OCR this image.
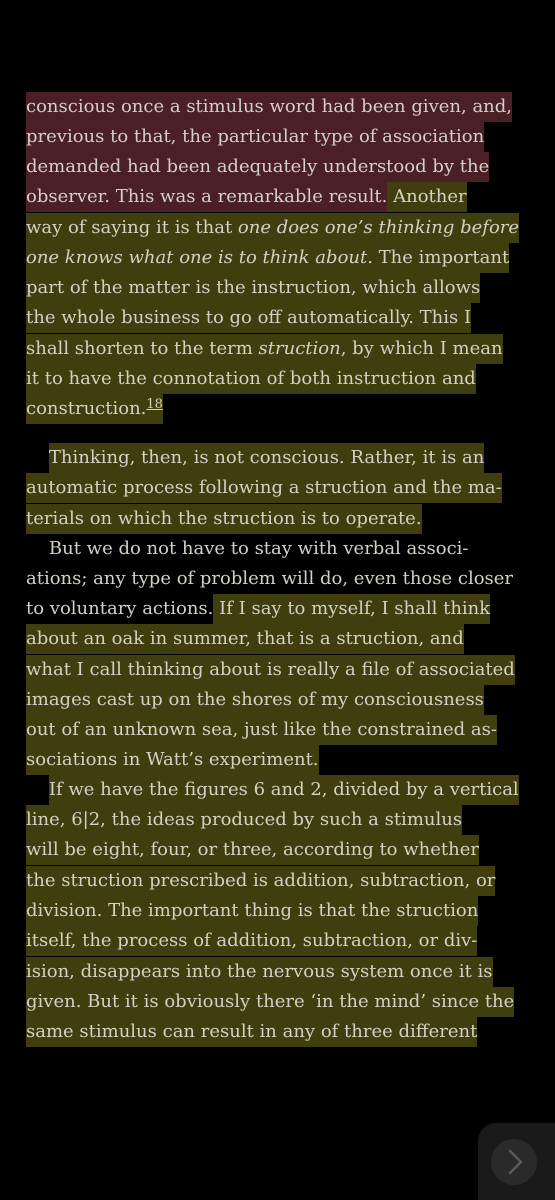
conscious once a stimulus word had been given, and,
previous to that, the particular type of association
demanded had been adequately understood by the
observer. This was a remarkable result. Another
way of saying it is that one does one’s thinking before
one knows what one is to think about. The important
part of the matter is the instruction, which allows
the whole business to go off automatically. This I
shall shorten to the term struction, by which I mean
it to have the connotation of both instruction and
construction.$^{18}$
Thinking, then, is not conscious. Rather, it is an
automatic process following a struction and the ma-
terials on which the struction is to operate.
But we do not have to stay with verbal associ-
ations; any type of problem will do, even those closer
to voluntary actions. If I say to myself, I shall think
about an oak in summer, that is a struction, and
what I call thinking about is really a file of associated
images cast up on the shores of my consciousness
out of an unknown sea, just like the constrained as-
sociations in Watt’s experiment.
If we have the figures 6 and 2, divided by a vertical
line, 6|2, the ideas produced by such a stimulus
will be eight, four, or three, according to whether
the struction prescribed is addition, subtraction, or
division. The important thing is that the struction
itself, the process of addition, subtraction, or div-
ision, disappears into the nervous system once it is
given. But it is obviously there ‘in the mind’ since the
same stimulus can result in any of three different
